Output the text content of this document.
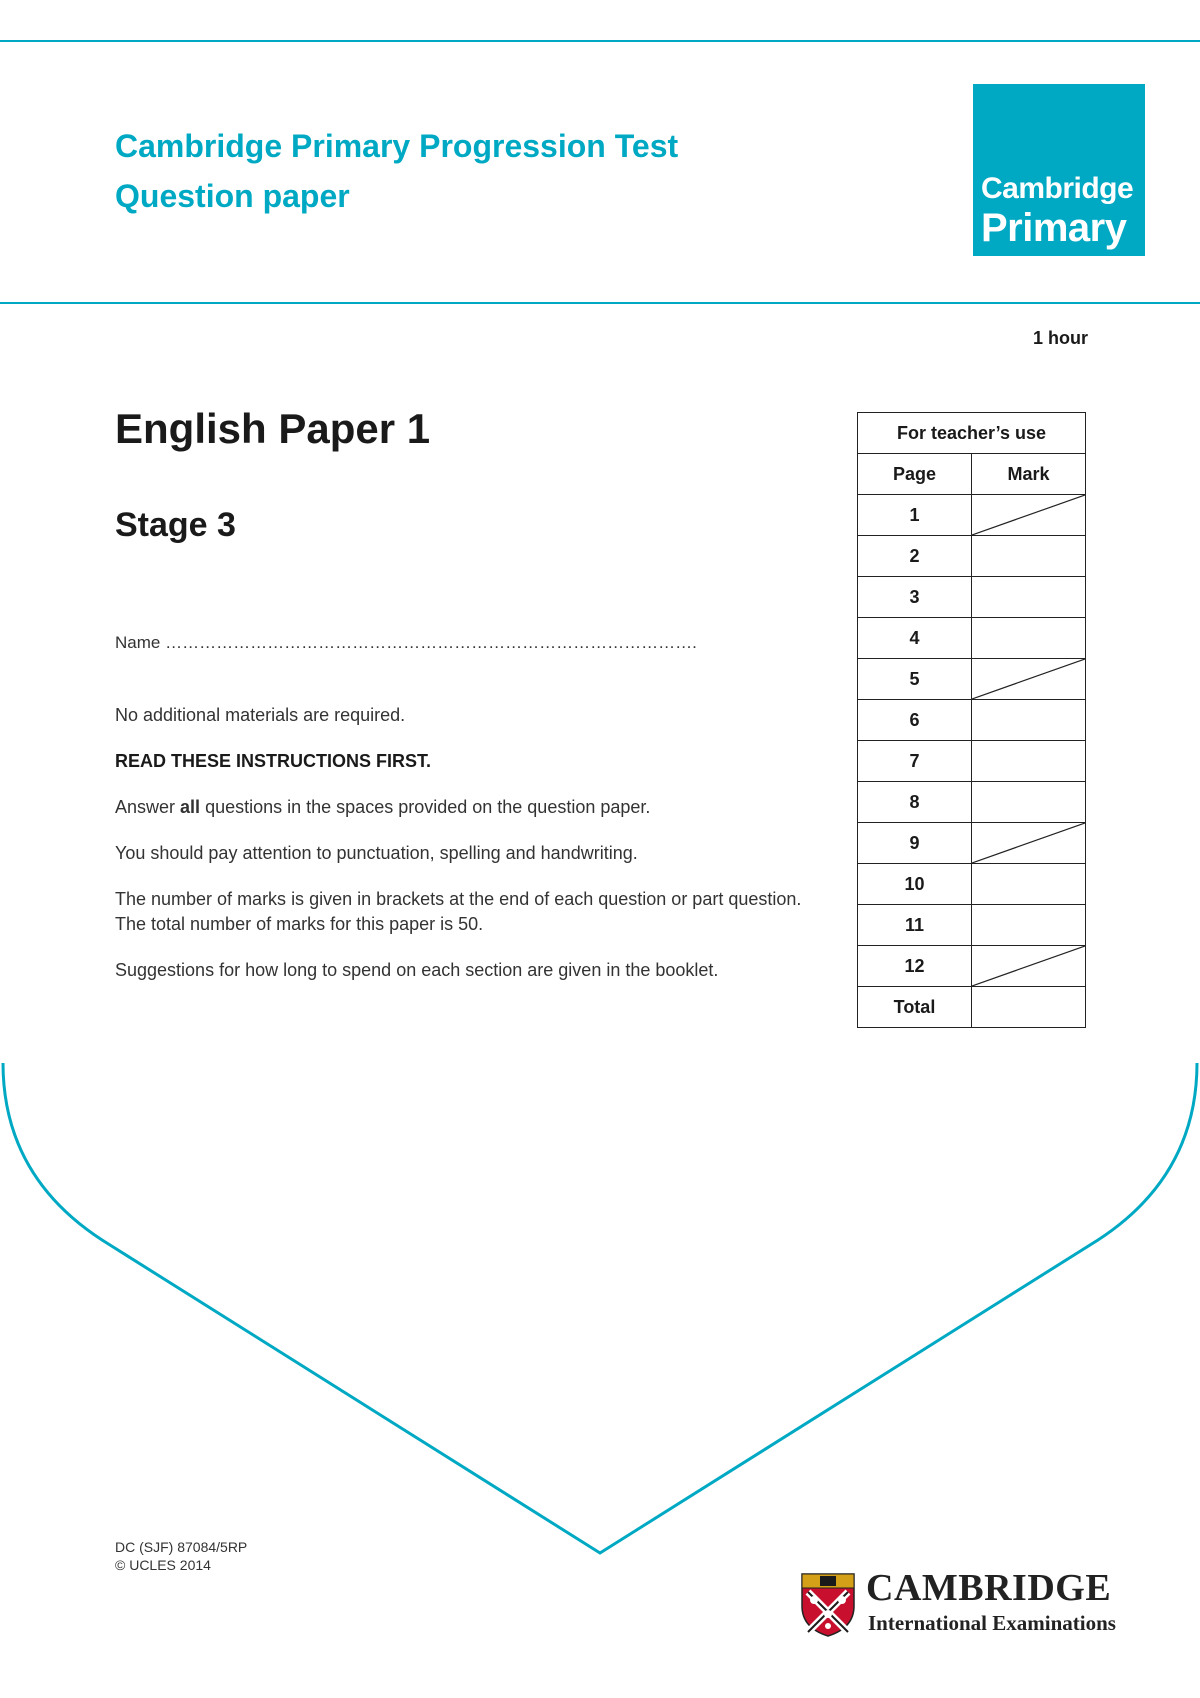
Cambridge Primary Progression Test
Question paper	Cambridge
Primary
1 hour
English Paper 1
Stage 3
Name ………………………………………………………………………………….

No additional materials are required.

READ THESE INSTRUCTIONS FIRST.

Answer all questions in the spaces provided on the question paper.

You should pay attention to punctuation, spelling and handwriting.

The number of marks is given in brackets at the end of each question or part question. The total number of marks for this paper is 50.

Suggestions for how long to spend on each section are given in the booklet.

For teacher’s use	
Page	Mark
1	

2	
3	
4	
5	

6	
7	
8	
9	

10	
11	
12	

Total	
DC (SJF) 87084/5RP
© UCLES 2014
CAMBRIDGE
International Examinations
